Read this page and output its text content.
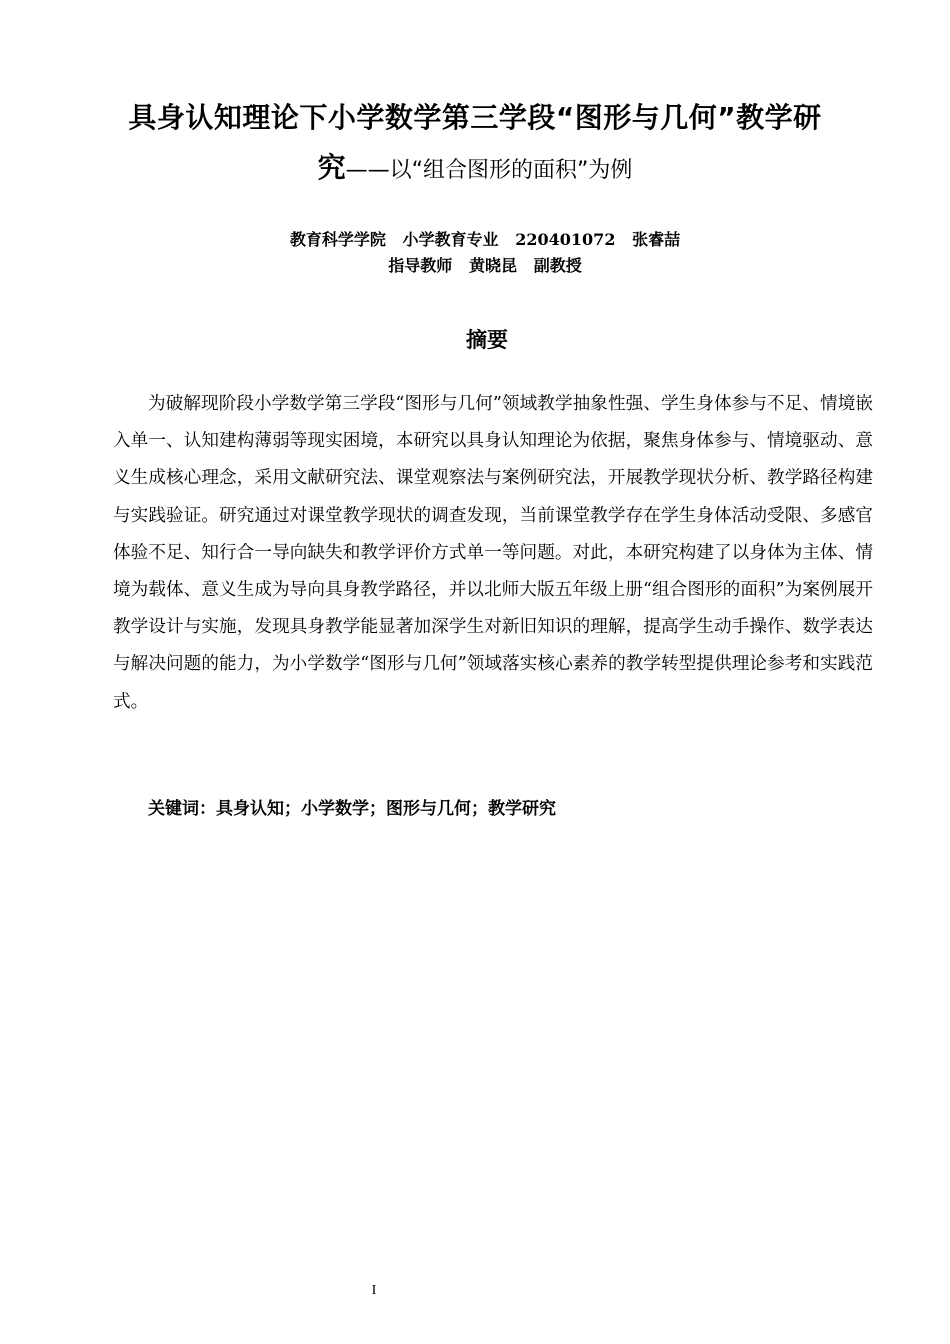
具身认知理论下小学数学第三学段“图形与几何”教学研
究——以“组合图形的面积”为例
教育科学学院   小学教育专业   220401072   张睿喆
指导教师   黄晓昆   副教授
摘要

为破解现阶段小学数学第三学段“图形与几何”领域教学抽象性强、学生身体参与不足、情境嵌入单一、认知建构薄弱等现实困境，本研究以具身认知理论为依据，聚焦身体参与、情境驱动、意义生成核心理念，采用文献研究法、课堂观察法与案例研究法，开展教学现状分析、教学路径构建与实践验证。研究通过对课堂教学现状的调查发现，当前课堂教学存在学生身体活动受限、多感官体验不足、知行合一导向缺失和教学评价方式单一等问题。对此，本研究构建了以身体为主体、情境为载体、意义生成为导向具身教学路径，并以北师大版五年级上册“组合图形的面积”为案例展开教学设计与实施，发现具身教学能显著加深学生对新旧知识的理解，提高学生动手操作、数学表达与解决问题的能力，为小学数学“图形与几何”领域落实核心素养的教学转型提供理论参考和实践范式。

关键词：具身认知；小学数学；图形与几何；教学研究
I
